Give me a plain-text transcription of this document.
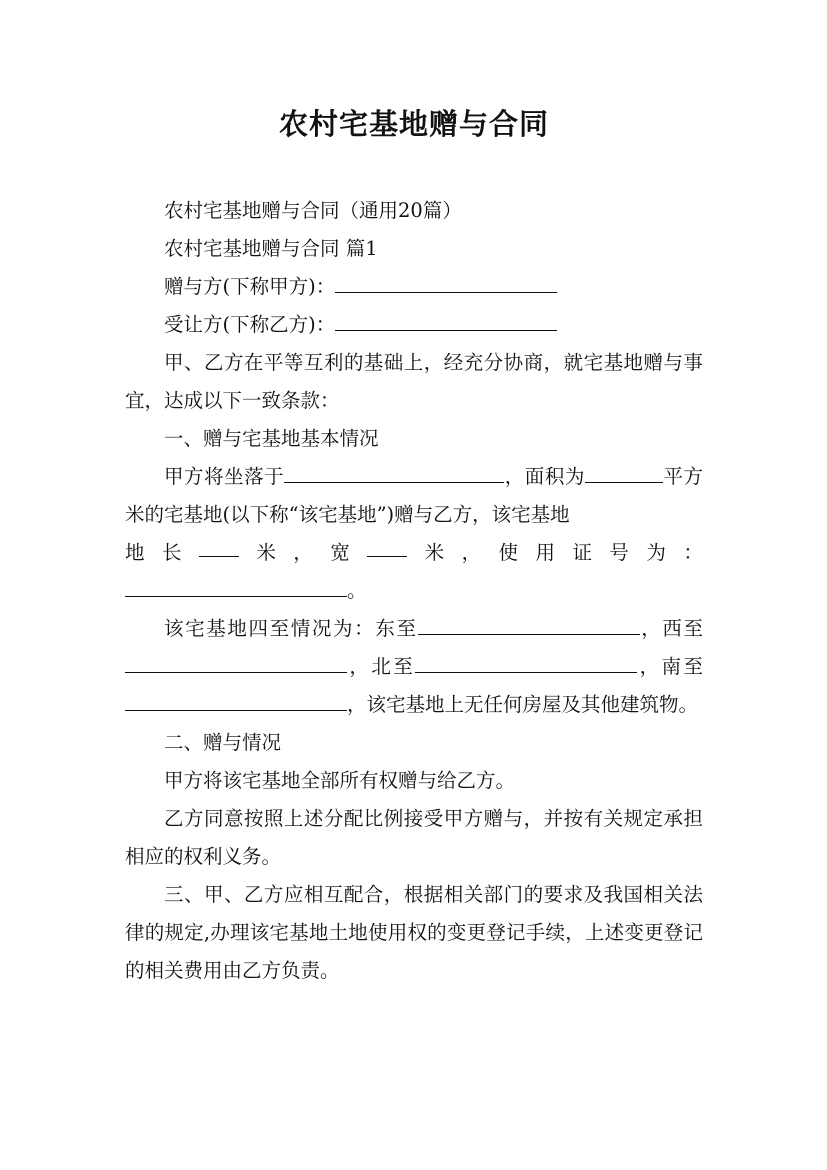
农村宅基地赠与合同

农村宅基地赠与合同（通用20篇）

农村宅基地赠与合同 篇1

赠与方(下称甲方)：

受让方(下称乙方)：

甲、乙方在平等互利的基础上，经充分协商，就宅基地赠与事宜，达成以下一致条款：

一、赠与宅基地基本情况

甲方将坐落于	，面积为	平方米的宅基地(以下称“该宅基地”)赠与乙方，该宅基地

地 长	米 ， 宽	米 ， 使 用 证 号 为 ：

。

该宅基地四至情况为：东至	，西至，北至	，南至，该宅基地上无任何房屋及其他建筑物。

二、赠与情况

甲方将该宅基地全部所有权赠与给乙方。

乙方同意按照上述分配比例接受甲方赠与，并按有关规定承担相应的权利义务。

三、甲、乙方应相互配合，根据相关部门的要求及我国相关法律的规定,办理该宅基地土地使用权的变更登记手续，上述变更登记的相关费用由乙方负责。
